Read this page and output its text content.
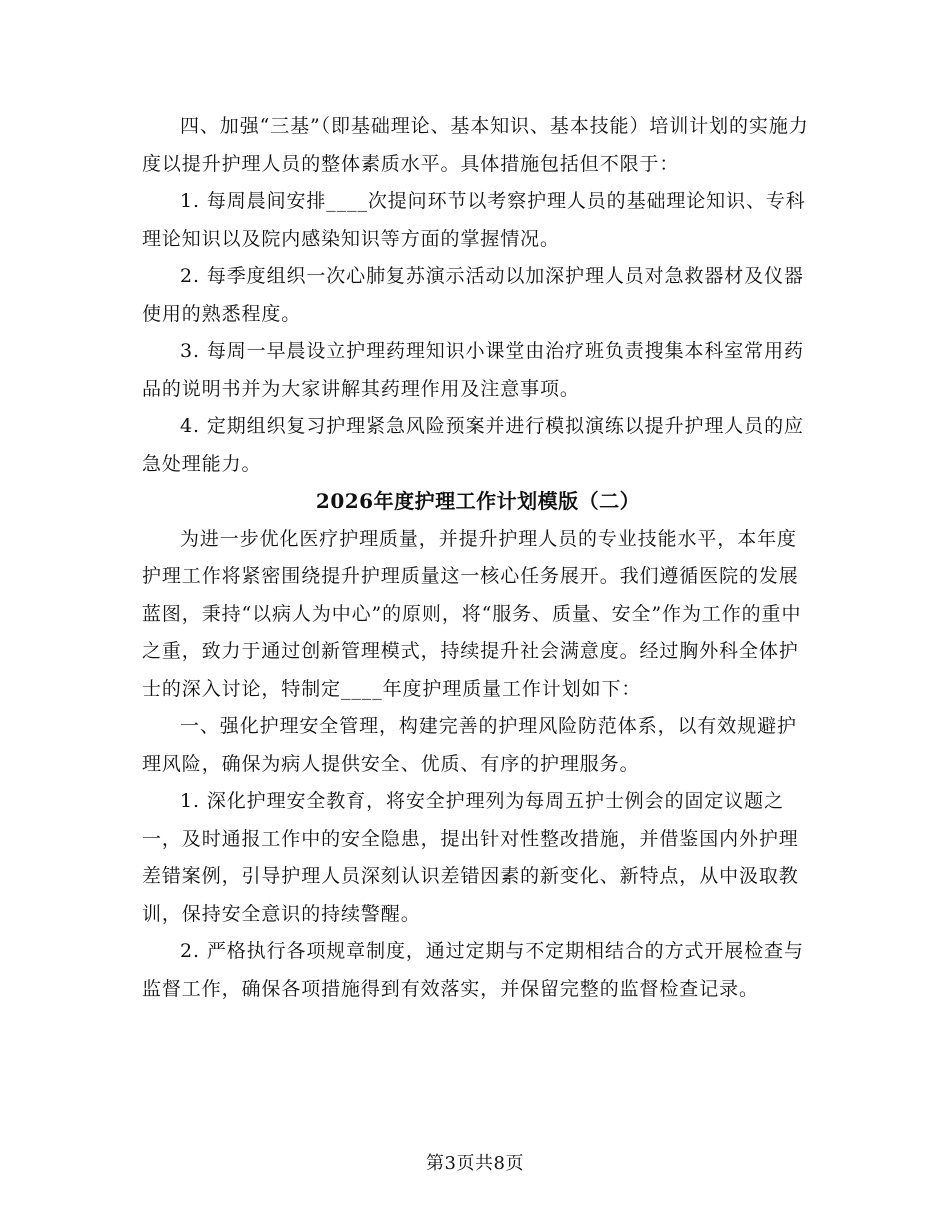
四、加强“三基”（即基础理论、基本知识、基本技能）培训计划的实施力度以提升护理人员的整体素质水平。具体措施包括但不限于：

1. 每周晨间安排____次提问环节以考察护理人员的基础理论知识、专科理论知识以及院内感染知识等方面的掌握情况。

2. 每季度组织一次心肺复苏演示活动以加深护理人员对急救器材及仪器使用的熟悉程度。

3. 每周一早晨设立护理药理知识小课堂由治疗班负责搜集本科室常用药品的说明书并为大家讲解其药理作用及注意事项。

4. 定期组织复习护理紧急风险预案并进行模拟演练以提升护理人员的应急处理能力。

2026年度护理工作计划模版（二）

为进一步优化医疗护理质量，并提升护理人员的专业技能水平，本年度护理工作将紧密围绕提升护理质量这一核心任务展开。我们遵循医院的发展蓝图，秉持“以病人为中心”的原则，将“服务、质量、安全”作为工作的重中之重，致力于通过创新管理模式，持续提升社会满意度。经过胸外科全体护士的深入讨论，特制定____年度护理质量工作计划如下：

一、强化护理安全管理，构建完善的护理风险防范体系，以有效规避护理风险，确保为病人提供安全、优质、有序的护理服务。

1. 深化护理安全教育，将安全护理列为每周五护士例会的固定议题之一，及时通报工作中的安全隐患，提出针对性整改措施，并借鉴国内外护理差错案例，引导护理人员深刻认识差错因素的新变化、新特点，从中汲取教训，保持安全意识的持续警醒。

2. 严格执行各项规章制度，通过定期与不定期相结合的方式开展检查与监督工作，确保各项措施得到有效落实，并保留完整的监督检查记录。

第3页共8页
